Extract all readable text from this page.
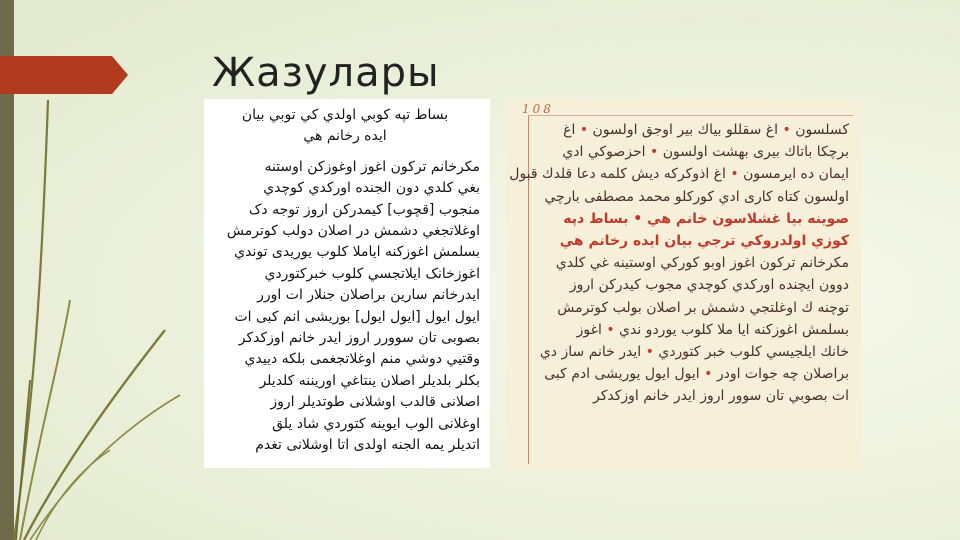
Жазулары
بساط تپه کوبي اولدي کي توبي بیان
ایده رخانم هي
مکرخانم ترکون اغوز اوغوزکن اوستنه
بغي کلدي دون الجنده اورکدي کوچدي
منجوب [قچوب] کیمدرکن اروز توجه دک
اوغلاتجغي دشمش در اصلان دولب کوترمش
بسلمش اغوزکنه ایاملا کلوب یوریدی توندي
اغوزخانک ایلاتجسي کلوب خبرکتوردي
ایدرخانم سارین براصلان جنلار ات اورر
ایول ایول [ایول ایول] بوریشی انم کبی ات
بصوبی تان سوورر اروز ایدر خانم اوزکدکر
وقتیي دوشي منم اوغلاتجغمی بلکه دییدي
بکلر بلدیلر اصلان ینتاغي اوریننه کلدیلر
اصلانی قالدب اوشلانی طوتدیلر اروز
اوغلانی الوب ایوینه کتوردي شاد یلق
اتدیلر یمه الجنه اولدی اتا اوشلانی تغدم
108
کسلسون • اغ سقللو بیاك بیر اوجق اولسون • اغ
برچکا باتاك بیری بهشت اولسون • احزصوکي ادي
ایمان ده ایرمسون • اغ اذوکرکه دیش کلمه دعا قلدك قبول
اولسون کتاه کاری ادي کورکلو محمد مصطفی بارچي
صوینه بیا غشلاسون خانم هي • بساط دپه
کوزي اولدروکي ترجي بیان ایده رخانم هي
مکرخانم ترکون اغوز اوبو کورکي اوستینه غي کلدي
دوون ایچنده اورکدي کوچدي مجوب کیدرکن اروز
توچنه ك اوغلتجي دشمش بر اصلان بولب کوترمش
بسلمش اغوزکنه ایا ملا کلوب یوردو ندي • اغوز
خانك ایلجیسي کلوب خبر کتوردي • ایدر خانم ساز دي
براصلان چه جوات اودر • ایول ایول یوریشی ادم کبی
ات بصوبي تان سوور اروز ایدر خانم اوزکدکر
